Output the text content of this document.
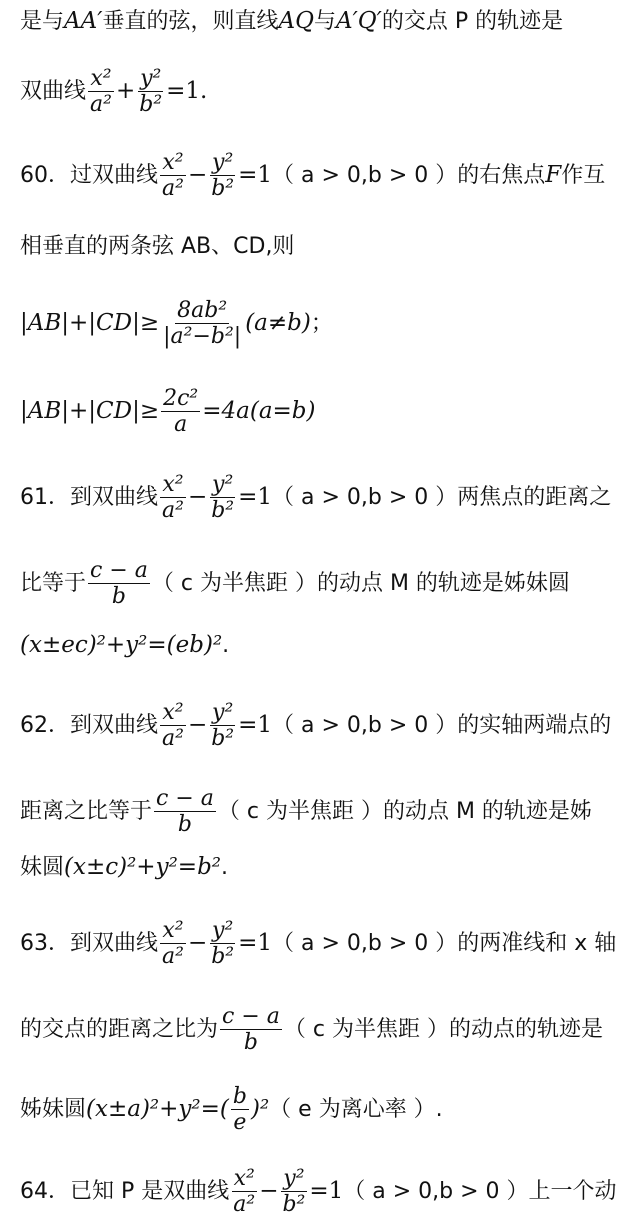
是与 AA′ 垂直的弦，则直线 AQ 与 A′Q′ 的交点 P 的轨迹是
双曲线 $\frac{\text{x²}}{\text{a²}} + \frac{\text{y²}}{\text{b²}} =1$.
60．过双曲线 $\frac{\text{x²}}{\text{a²}} - \frac{\text{y²}}{\text{b²}} =1$ （ a > 0,b > 0 ）的右焦点 F 作互
相垂直的两条弦 AB、CD,则
$|AB|+|CD|\ge \frac{\text{8ab²}}{\text{|a²−b²|}} (a\ne b)$ ；
$|AB|+|CD|\ge \frac{\text{2c²}}{a} =4a(a=b)$
61．到双曲线 $\frac{\text{x²}}{\text{a²}} - \frac{\text{y²}}{\text{b²}} =1$ （ a > 0,b > 0 ）两焦点的距离之
比等于 $\frac{c - a}{b}$ （ c 为半焦距 ）的动点 M 的轨迹是姊妹圆
(x±ec)²+y²=(eb)² .
62．到双曲线 $\frac{\text{x²}}{\text{a²}} - \frac{\text{y²}}{\text{b²}} =1$ （ a > 0,b > 0 ）的实轴两端点的
距离之比等于 $\frac{c - a}{b}$ （ c 为半焦距 ）的动点 M 的轨迹是姊
妹圆 (x±c)²+y²=b² .
63．到双曲线 $\frac{\text{x²}}{\text{a²}} - \frac{\text{y²}}{\text{b²}} =1$ （ a > 0,b > 0 ）的两准线和 x 轴
的交点的距离之比为 $\frac{c - a}{b}$ （ c 为半焦距 ）的动点的轨迹是
姊妹圆 $(x\pm a)^2+y^2=( \frac{b}{e} )^2$ （ e 为离心率 ）.
64．已知 P 是双曲线 $\frac{\text{x²}}{\text{a²}} - \frac{\text{y²}}{\text{b²}} =1$ （ a > 0,b > 0 ）上一个动
